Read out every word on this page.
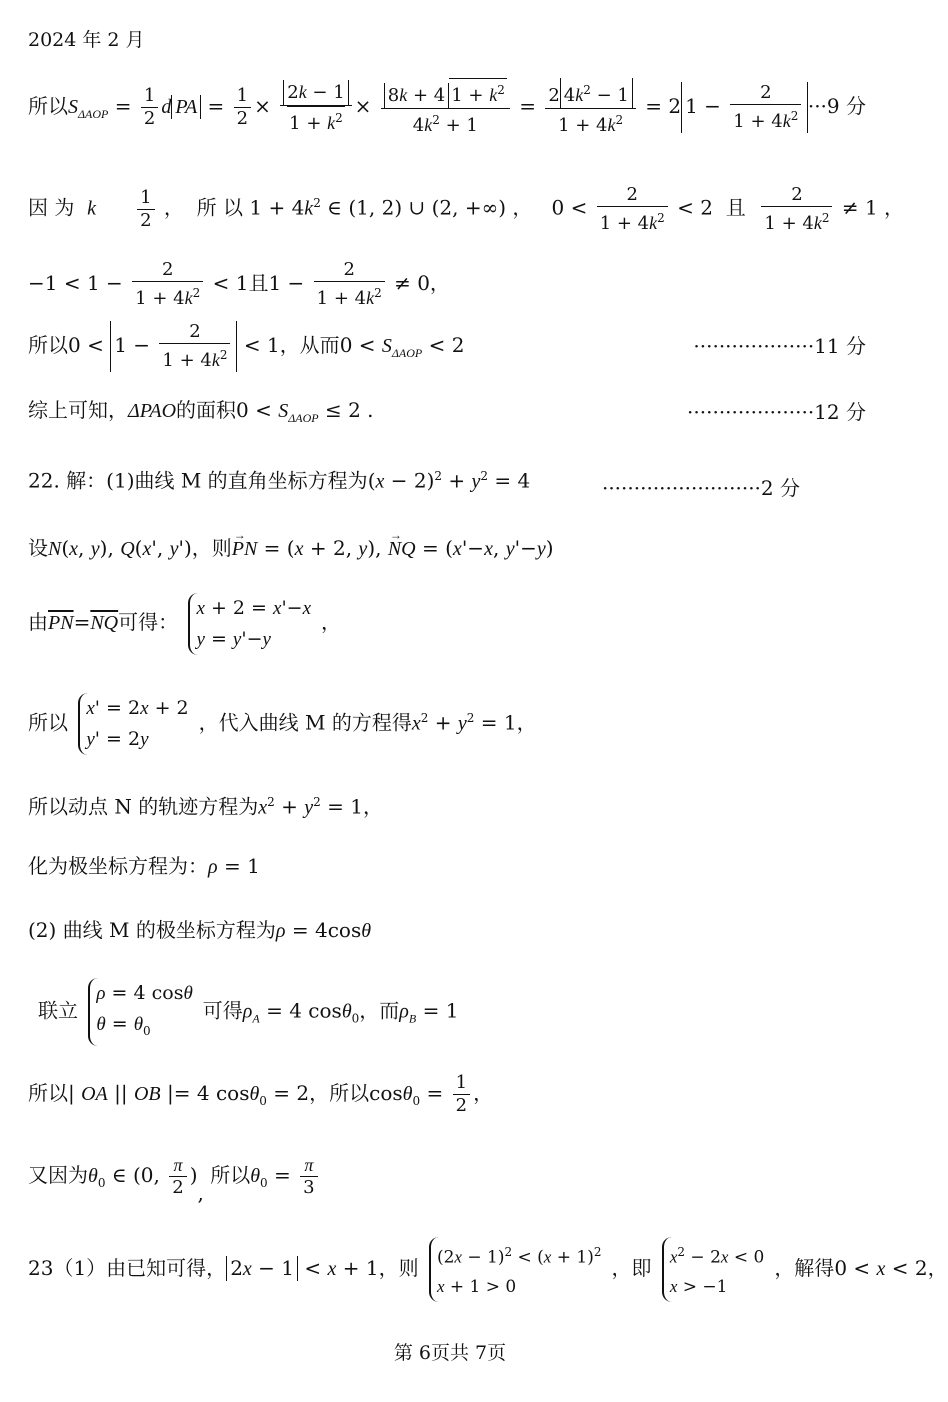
2024 年 2 月
所以$S_{\Delta AOP} = \frac{1}{2}$ d PA = $\frac{1}{2} \times \frac{2k - 1}{1 + k^2} \times \frac{8k + 4 1 + k^2}{4k^2 + 1} = \frac{2 4k^2 - 1}{1 + 4k^2} = 2$ $1 - \frac{2}{1 + 4k^2} \cdot\cdot\cdot 9$ 分
因 为 k $\frac{1}{2}$ ，  所 以 $1 + 4k^2$ ∈ (1, 2) ∪ (2, +∞) ，   $0 < \frac{2}{1 + 4k^2} < 2$  且 $\frac{2}{1 + 4k^2} \ne 1$ ，
$-1 < 1 - \frac{2}{1 + 4k^2} < 1$且$1 - \frac{2}{1 + 4k^2} \ne 0$，
所以$0 < 1 - \frac{2}{1 + 4k^2} < 1$，从而$0 < S_{\Delta AOP} < 2$	···················11 分
综上可知，ΔPAO的面积$0 < S_{\Delta AOP} \le 2$ .	····················12 分
22. 解：(1)曲线 M 的直角坐标方程为$(x - 2)^2 + y^2 = 4$	·························2 分
设N(x, y), Q(x', y')，则→ PN = (x + 2, y), → NQ = (x'−x, y'−y)
由$\overline{PN}=\overline{NQ}$可得：
x + 2 = x'−x
y = y'−y
，
所以
x' = 2x + 2
y' = 2y
，代入曲线 M 的方程得$x^2 + y^2 = 1$，
所以动点 N 的轨迹方程为$x^2 + y^2 = 1$，
化为极坐标方程为：ρ = 1
(2) 曲线 M 的极坐标方程为ρ = 4cosθ
联立
ρ = 4 cosθ
$\theta = \theta_0$
可得$\rho_A = 4$ cosθ$_0$，而$\rho_B = 1$
所以| OA || OB |= 4 cosθ$_0$ = 2，所以$\cos\theta_0 = \frac{1}{2}$ ，
又因为$\theta_0$ ∈ (0, $\frac{\pi}{2}$ ), 所以$\theta_0 = \frac{\pi}{3}$
23（1）由已知可得， 2x − 1 < x + 1，则 $(2x - 1)^2 < (x + 1)^2$
x + 1 > 0
，即 $x^2 - 2x < 0$
x > −1
，解得0 < x < 2，
第 6页共 7页
